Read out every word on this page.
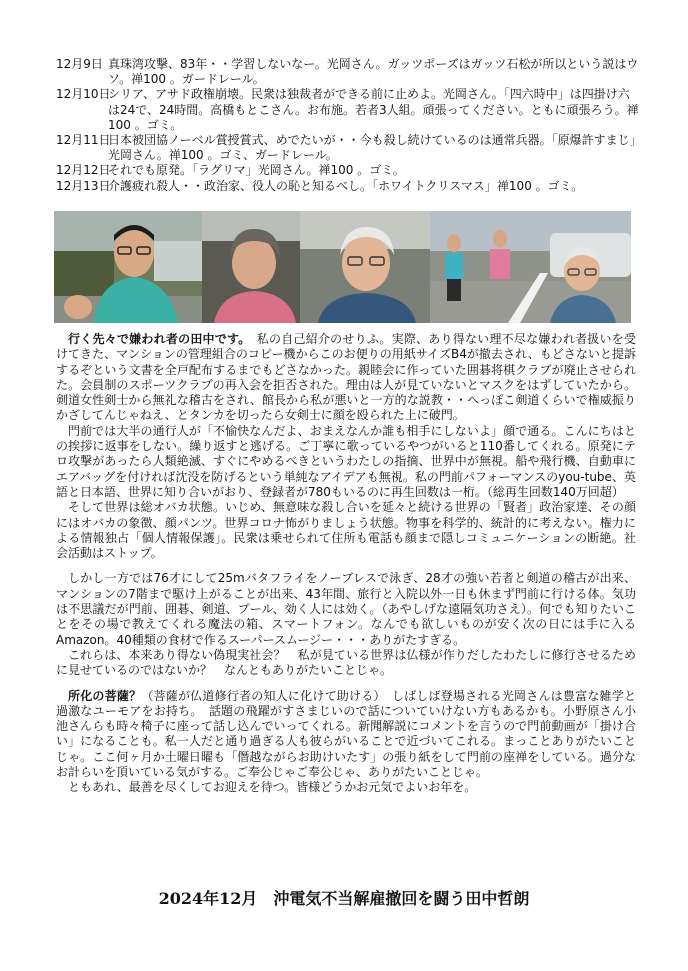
12月9日 真珠湾攻撃、83年・・学習しないなー。光岡さん。ガッツポーズはガッツ石松が所以という説はウソ。禅100 。ガードレール。
12月10日
シリア、アサド政権崩壊。民衆は独裁者ができる前に止めよ。光岡さん。「四六時中」は四掛け六は24で、24時間。高橋もとこさん。お布施。若者3人組。頑張ってください。ともに頑張ろう。禅100 。ゴミ。
12月11日
日本被団協ノーベル賞授賞式、めでたいが・・今も殺し続けているのは通常兵器。「原爆許すまじ」光岡さん。禅100 。ゴミ、ガードレール。
12月12日
それでも原発。「ラグリマ」光岡さん。禅100 。ゴミ。
12月13日
介護疲れ殺人・・政治家、役人の恥と知るべし。「ホワイトクリスマス」禅100 。ゴミ。

行く先々で嫌われ者の田中です。　私の自己紹介のせりふ。実際、あり得ない理不尽な嫌われ者扱いを受けてきた、マンションの管理組合のコピー機からこのお便りの用紙サイズB4が撤去され、もどさないと提訴するぞという文書を全戸配布するまでもどさなかった。親睦会に作っていた囲碁将棋クラブが廃止させられた。会員制のスポーツクラブの再入会を拒否された。理由は人が見ていないとマスクをはずしていたから。剣道女性剣士から無礼な稽古をされ、館長から私が悪いと一方的な説教・・へっぽこ剣道くらいで権威振りかざしてんじゃねえ、とタンカを切ったら女剣士に顔を殴られた上に破門。

門前では大半の通行人が「不愉快なんだよ、おまえなんか誰も相手にしないよ」顔で通る。こんにちはとの挨拶に返事をしない。繰り返すと逃げる。ご丁寧に歌っているやつがいると110番してくれる。原発にテロ攻撃があったら人類絶滅、すぐにやめるべきというわたしの指摘、世界中が無視。船や飛行機、自動車にエアバッグを付ければ沈没を防げるという単純なアイデアも無視。私の門前パフォーマンスのyou-tube、英語と日本語、世界に知り合いがおり、登録者が780もいるのに再生回数は一桁。（総再生回数140万回超）

そして世界は総オバカ状態。いじめ、無意味な殺し合いを延々と続ける世界の「賢者」政治家達、その顔にはオバカの象徴、顔パンツ。世界コロナ怖がりましょう状態。物事を科学的、統計的に考えない。権力による情報独占「個人情報保護」。民衆は乗せられて住所も電話も顔まで隠しコミュニケーションの断絶。社会活動はストップ。

しかし一方では76才にして25mバタフライをノーブレスで泳ぎ、28才の強い若者と剣道の稽古が出来、マンションの7階まで駆け上がることが出来、43年間、旅行と入院以外一日も休まず門前に行ける体。気功は不思議だが門前、囲碁、剣道、プール、効く人には効く。（あやしげな遠隔気功さえ）。何でも知りたいことをその場で教えてくれる魔法の箱、スマートフォン。なんでも欲しいものが安く次の日には手に入るAmazon。40種類の食材で作るスーパースムージー・・・ありがたすぎる。

これらは、本来あり得ない偽現実社会？　私が見ている世界は仏様が作りだしたわたしに修行させるために見せているのではないか？　なんともありがたいことじゃ。

所化の菩薩？（菩薩が仏道修行者の知人に化けて助ける）　しばしば登場される光岡さんは豊富な雑学と過激なユーモアをお持ち。　話題の飛躍がすさまじいので話についていけない方もあるかも。小野原さん小池さんらも時々椅子に座って話し込んでいってくれる。新聞解説にコメントを言うので門前動画が「掛け合い」になることも。私一人だと通り過ぎる人も彼らがいることで近づいてこれる。まっことありがたいことじゃ。ここ何ヶ月か土曜日曜も「僭越ながらお助けいたす」の張り紙をして門前の座禅をしている。過分なお計らいを頂いている気がする。ご奉公じゃご奉公じゃ、ありがたいことじゃ。

ともあれ、最善を尽くしてお迎えを待つ。皆様どうかお元気でよいお年を。

2024年12月　沖電気不当解雇撤回を闘う田中哲朗
